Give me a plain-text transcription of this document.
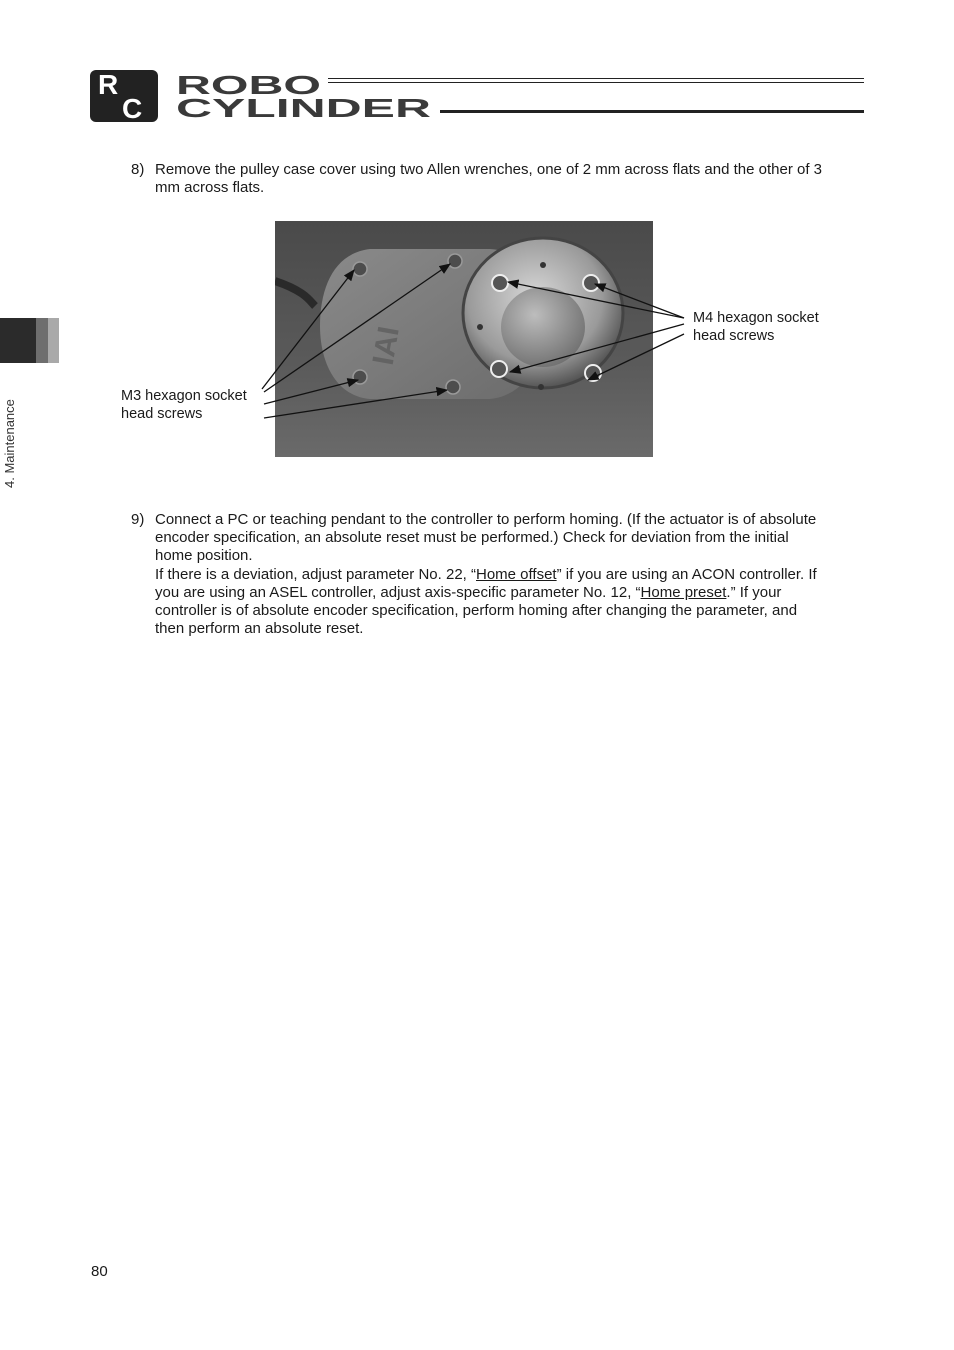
R
C
ROBO
CYLINDER
4. Maintenance
8) Remove the pulley case cover using two Allen wrenches, one of 2 mm across flats and the other of 3
mm across flats.
IAI
M3 hexagon socket
head screws
M4 hexagon socket
head screws
9) Connect a PC or teaching pendant to the controller to perform homing. (If the actuator is of absolute
encoder specification, an absolute reset must be performed.) Check for deviation from the initial
home position.
If there is a deviation, adjust parameter No. 22, “Home offset” if you are using an ACON controller. If
you are using an ASEL controller, adjust axis-specific parameter No. 12, “Home preset.” If your
controller is of absolute encoder specification, perform homing after changing the parameter, and
then perform an absolute reset.
80
